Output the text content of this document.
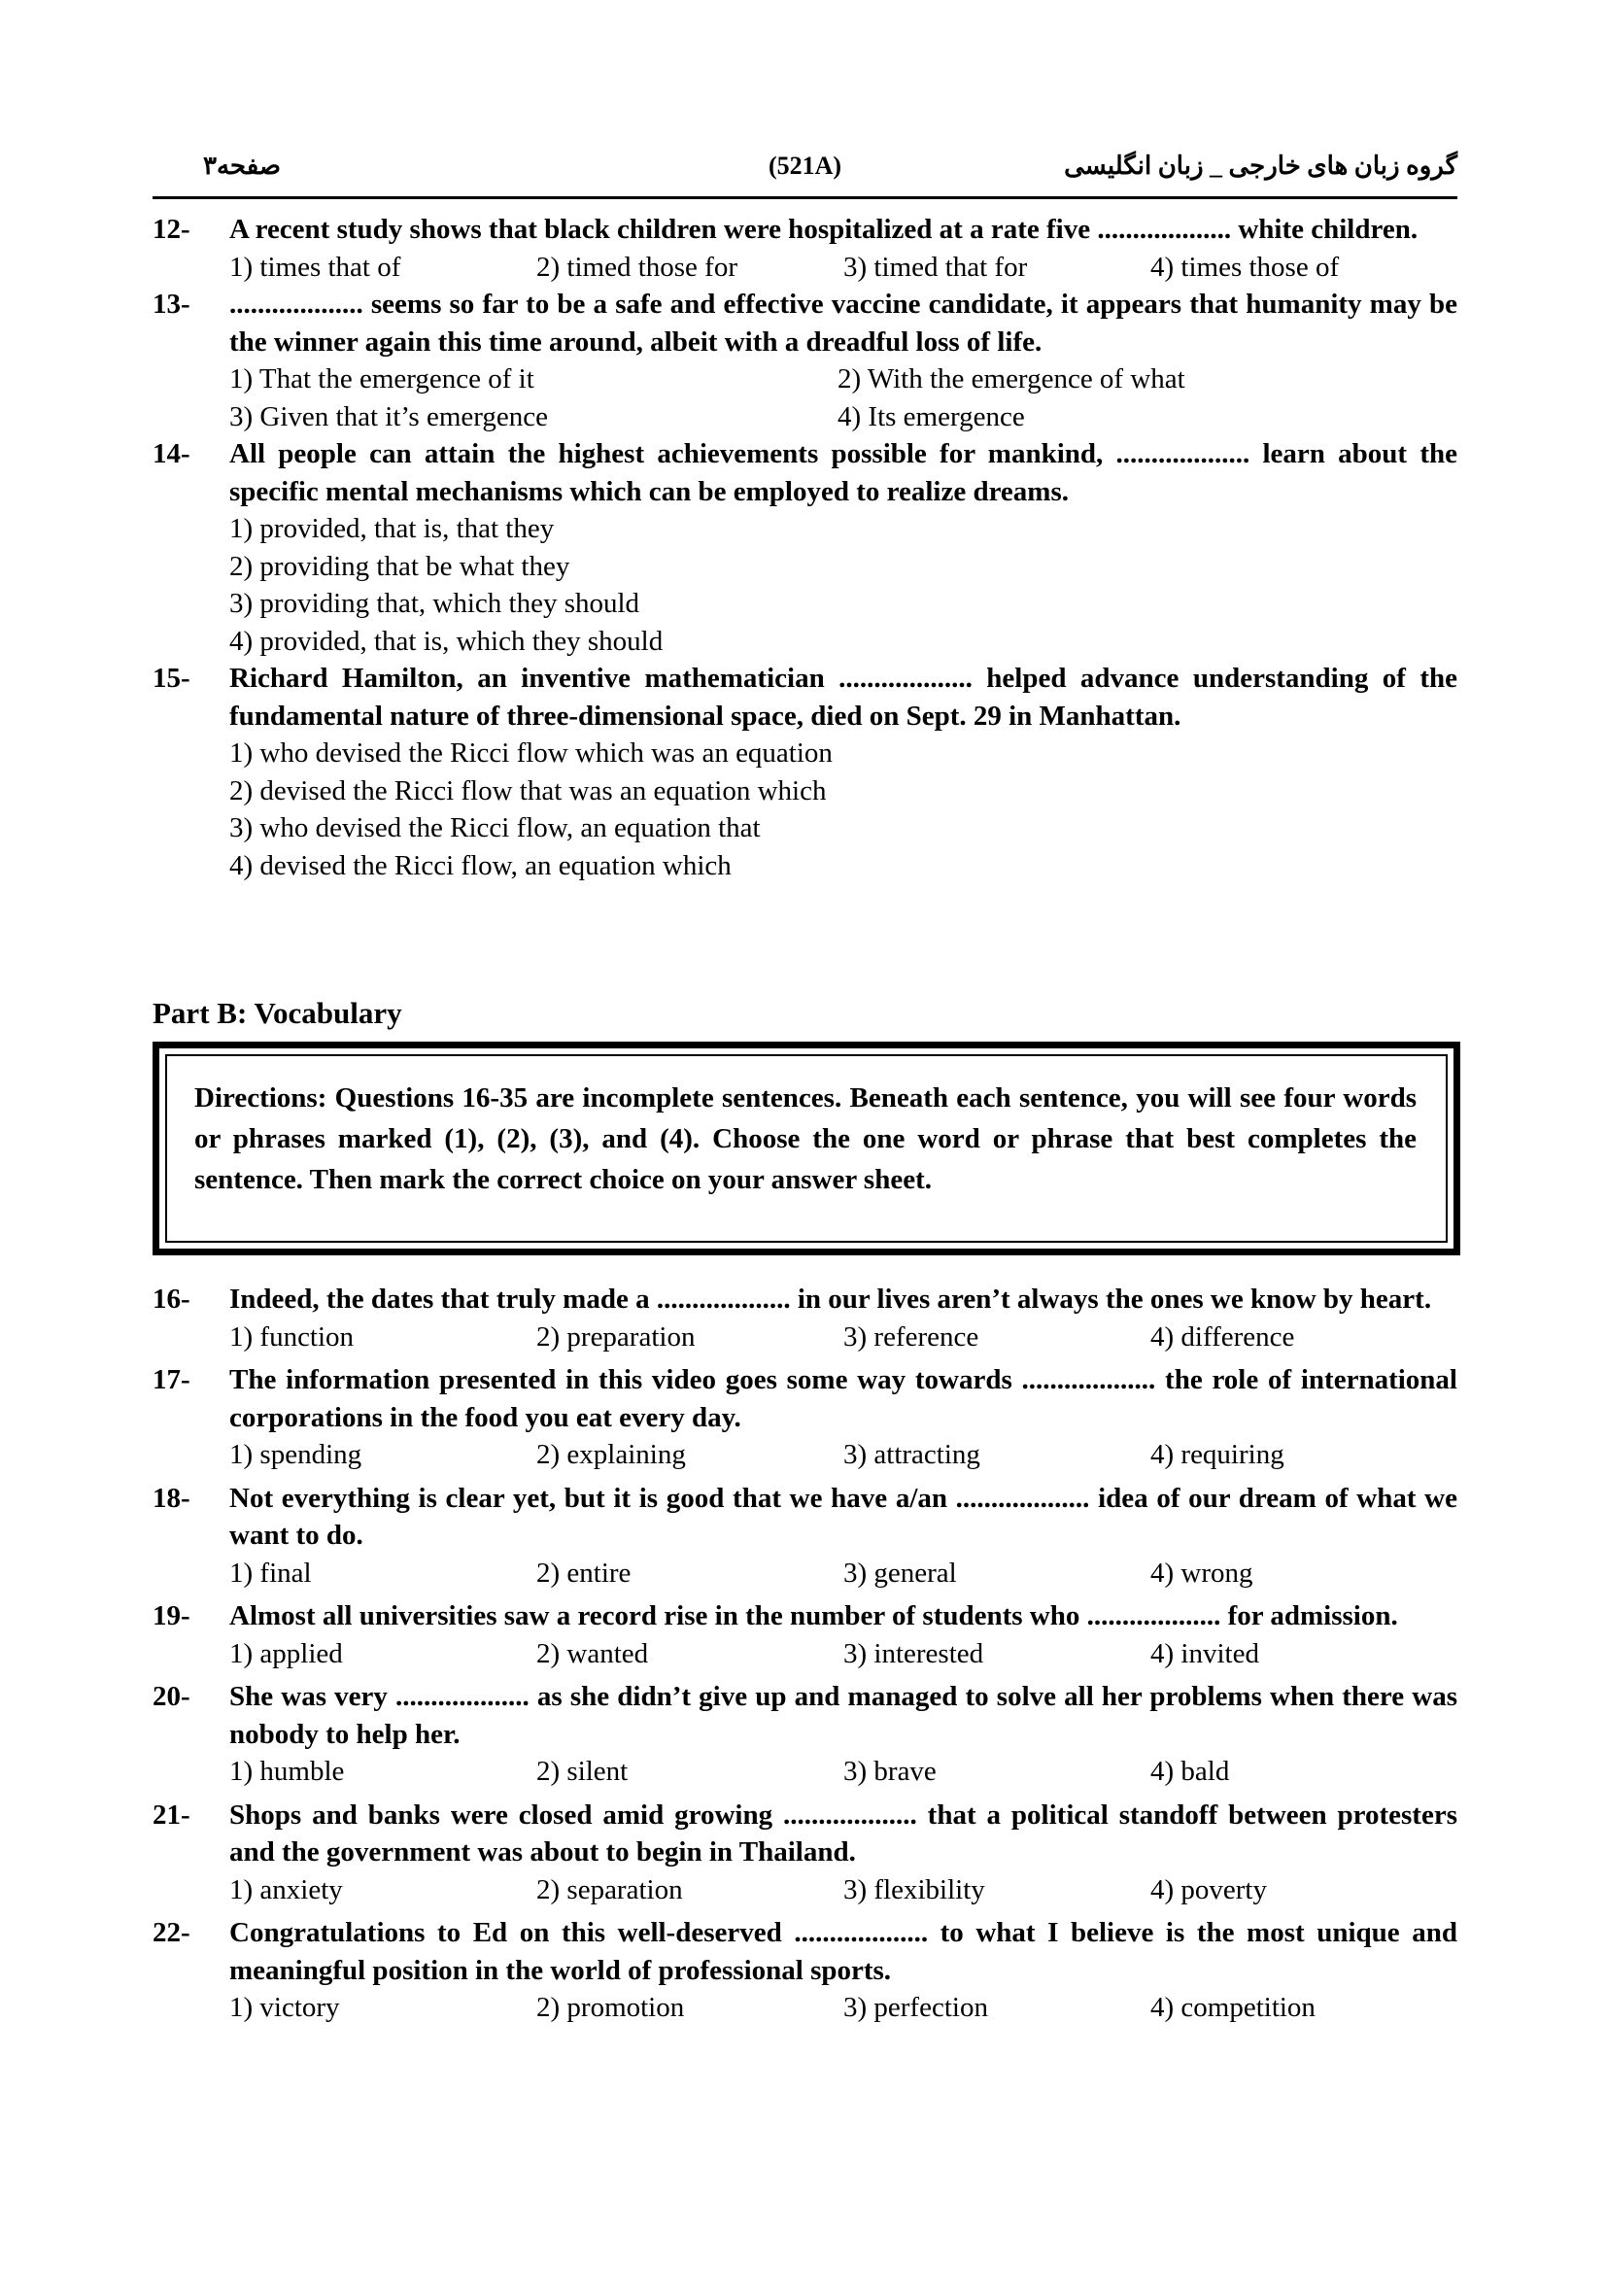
صفحه۳	(521A)	گروه زبان های خارجی _ زبان انگلیسی
12-	A recent study shows that black children were hospitalized at a rate five ................... white children.
1) times that of	2) timed those for	3) timed that for	4) times those of
13-	................... seems so far to be a safe and effective vaccine candidate, it appears that humanity may be the winner again this time around, albeit with a dreadful loss of life.
1) That the emergence of it	2) With the emergence of what
3) Given that it’s emergence	4) Its emergence
14-	All people can attain the highest achievements possible for mankind, ................... learn about the specific mental mechanisms which can be employed to realize dreams.
1) provided, that is, that they
2) providing that be what they
3) providing that, which they should
4) provided, that is, which they should
15-	Richard Hamilton, an inventive mathematician ................... helped advance understanding of the fundamental nature of three-dimensional space, died on Sept. 29 in Manhattan.
1) who devised the Ricci flow which was an equation
2) devised the Ricci flow that was an equation which
3) who devised the Ricci flow, an equation that
4) devised the Ricci flow, an equation which
Part B: Vocabulary
Directions: Questions 16-35 are incomplete sentences. Beneath each sentence, you will see four words or phrases marked (1), (2), (3), and (4). Choose the one word or phrase that best completes the sentence. Then mark the correct choice on your answer sheet.
16-	Indeed, the dates that truly made a ................... in our lives aren’t always the ones we know by heart.
1) function	2) preparation	3) reference	4) difference
17-	The information presented in this video goes some way towards ................... the role of international corporations in the food you eat every day.
1) spending	2) explaining	3) attracting	4) requiring
18-	Not everything is clear yet, but it is good that we have a/an ................... idea of our dream of what we want to do.
1) final	2) entire	3) general	4) wrong
19-	Almost all universities saw a record rise in the number of students who ................... for admission.
1) applied	2) wanted	3) interested	4) invited
20-	She was very ................... as she didn’t give up and managed to solve all her problems when there was nobody to help her.
1) humble	2) silent	3) brave	4) bald
21-	Shops and banks were closed amid growing ................... that a political standoff between protesters and the government was about to begin in Thailand.
1) anxiety	2) separation	3) flexibility	4) poverty
22-	Congratulations to Ed on this well-deserved ................... to what I believe is the most unique and meaningful position in the world of professional sports.
1) victory	2) promotion	3) perfection	4) competition
